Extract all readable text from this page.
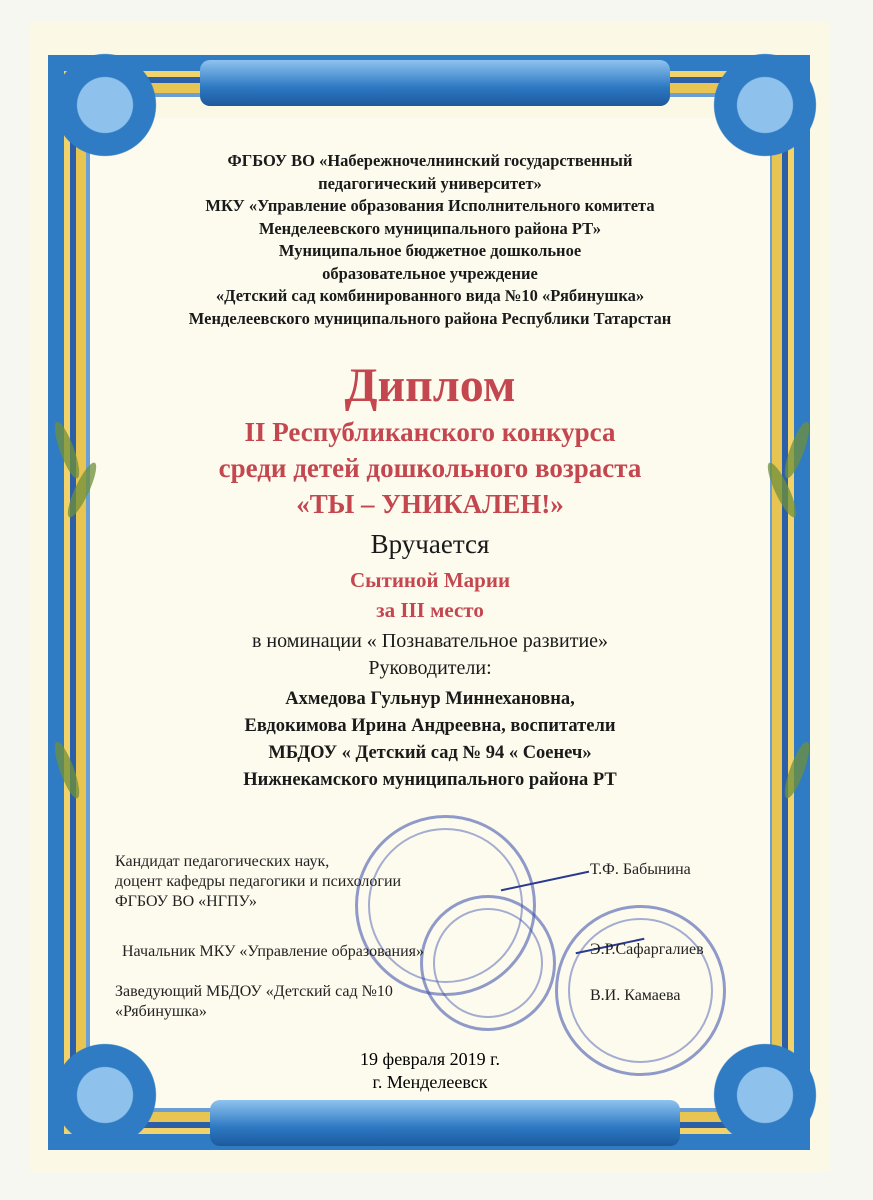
ФГБОУ ВО «Набережночелнинский государственный

педагогический университет»

МКУ «Управление образования Исполнительного комитета

Менделеевского муниципального района РТ»

Муниципальное бюджетное дошкольное

образовательное учреждение

«Детский сад комбинированного вида №10 «Рябинушка»

Менделеевского муниципального района Республики Татарстан

Диплом

II Республиканского конкурса

среди детей дошкольного возраста

«ТЫ – УНИКАЛЕН!»

Вручается

Сытиной Марии

за III место

в номинации « Познавательное развитие»

Руководители:

Ахмедова Гульнур Миннехановна,

Евдокимова Ирина Андреевна, воспитатели

МБДОУ « Детский сад № 94 « Соенеч»

Нижнекамского муниципального района РТ

Кандидат педагогических наук,
доцент кафедры педагогики и психологии
ФГБОУ ВО «НГПУ»
Т.Ф. Бабынина
Начальник МКУ «Управление образования»	Э.Р.Сафаргалиев
Заведующий МБДОУ «Детский сад №10
«Рябинушка»
В.И. Камаева
19 февраля 2019 г.
г. Менделеевск
